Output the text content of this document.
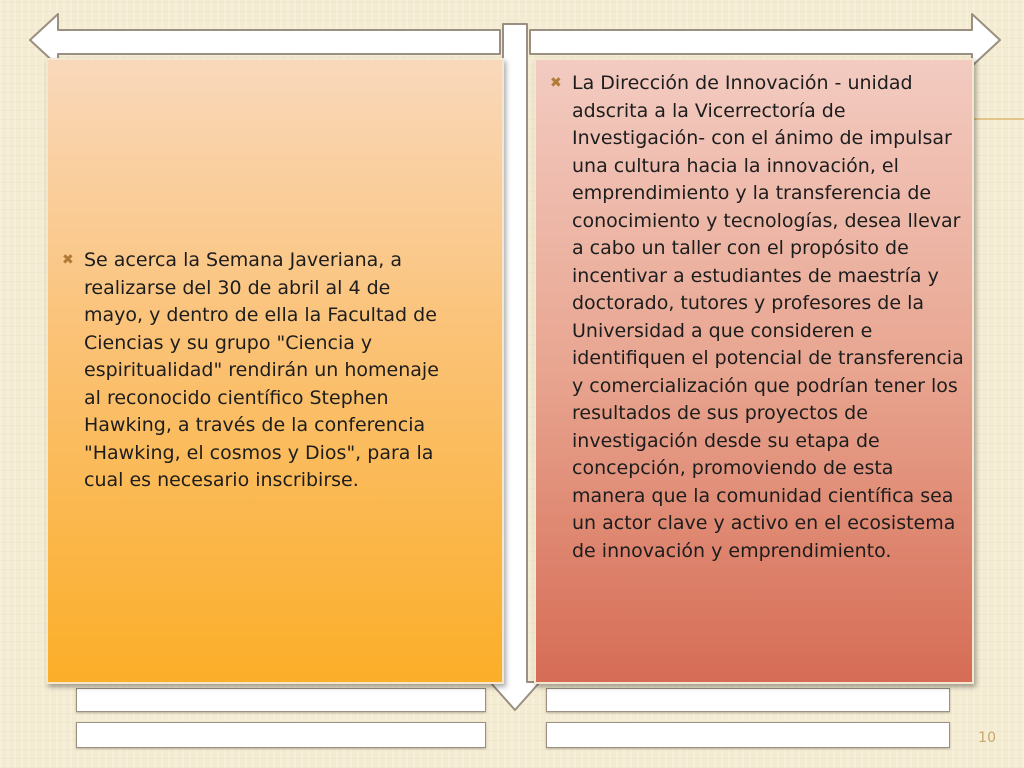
✖ Se acerca la Semana Javeriana, a realizarse del 30 de abril al 4 de mayo, y dentro de ella la Facultad de Ciencias y su grupo "Ciencia y espiritualidad" rendirán un homenaje al reconocido científico Stephen Hawking, a través de la conferencia "Hawking, el cosmos y Dios", para la cual es necesario inscribirse.
✖ La Dirección de Innovación - unidad adscrita a la Vicerrectoría de Investigación- con el ánimo de impulsar una cultura hacia la innovación, el emprendimiento y la transferencia de conocimiento y tecnologías, desea llevar a cabo un taller con el propósito de incentivar a estudiantes de maestría y doctorado, tutores y profesores de la Universidad a que consideren e identifiquen el potencial de transferencia y comercialización que podrían tener los resultados de sus proyectos de investigación desde su etapa de concepción, promoviendo de esta manera que la comunidad científica sea un actor clave y activo en el ecosistema de innovación y emprendimiento.
10
